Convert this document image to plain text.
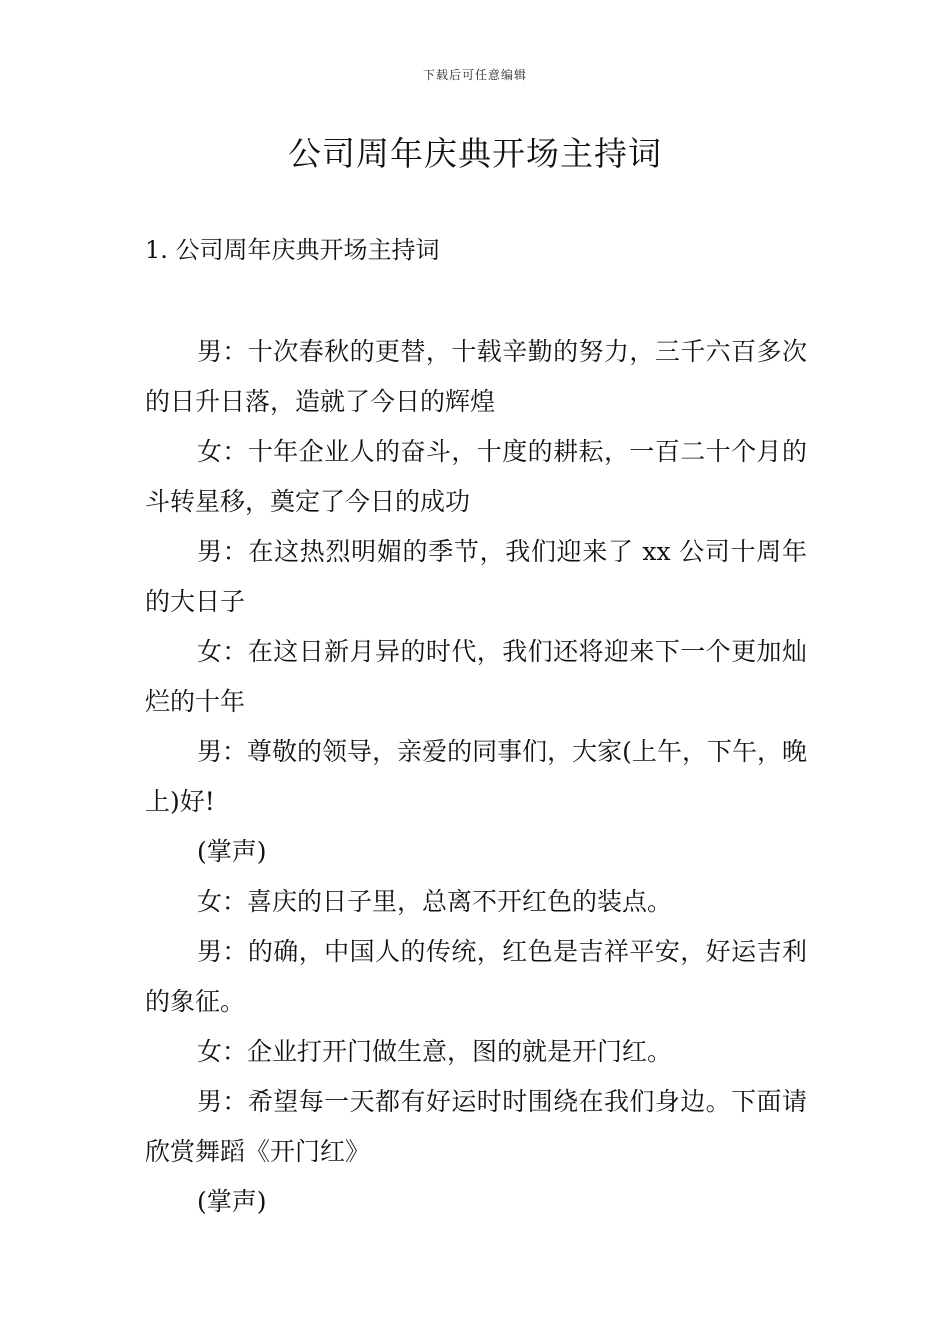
下载后可任意编辑
公司周年庆典开场主持词
1. 公司周年庆典开场主持词

男：十次春秋的更替，十载辛勤的努力，三千六百多次的日升日落，造就了今日的辉煌

女：十年企业人的奋斗，十度的耕耘，一百二十个月的斗转星移，奠定了今日的成功

男：在这热烈明媚的季节，我们迎来了 xx 公司十周年的大日子

女：在这日新月异的时代，我们还将迎来下一个更加灿烂的十年

男：尊敬的领导，亲爱的同事们，大家(上午，下午，晚上)好!

(掌声)

女：喜庆的日子里，总离不开红色的装点。

男：的确，中国人的传统，红色是吉祥平安，好运吉利的象征。

女：企业打开门做生意，图的就是开门红。

男：希望每一天都有好运时时围绕在我们身边。下面请欣赏舞蹈《开门红》

(掌声)
